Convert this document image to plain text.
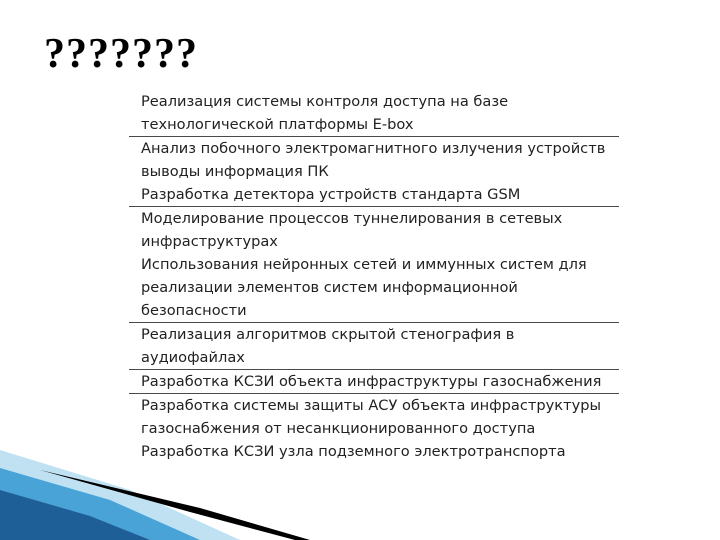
???????
Реализация системы контроля доступа на базе технологической платформы E-box
Анализ побочного электромагнитного излучения устройств выводы информация ПК
Разработка детектора устройств стандарта GSM
Моделирование процессов туннелирования в сетевых инфраструктурах
Использования нейронных сетей и иммунных систем для реализации элементов систем информационной безопасности
Реализация алгоритмов скрытой стенография в аудиофайлах
Разработка КСЗИ объекта инфраструктуры газоснабжения
Разработка системы защиты АСУ объекта инфраструктуры газоснабжения от несанкционированного доступа
Разработка КСЗИ узла подземного электротранспорта
